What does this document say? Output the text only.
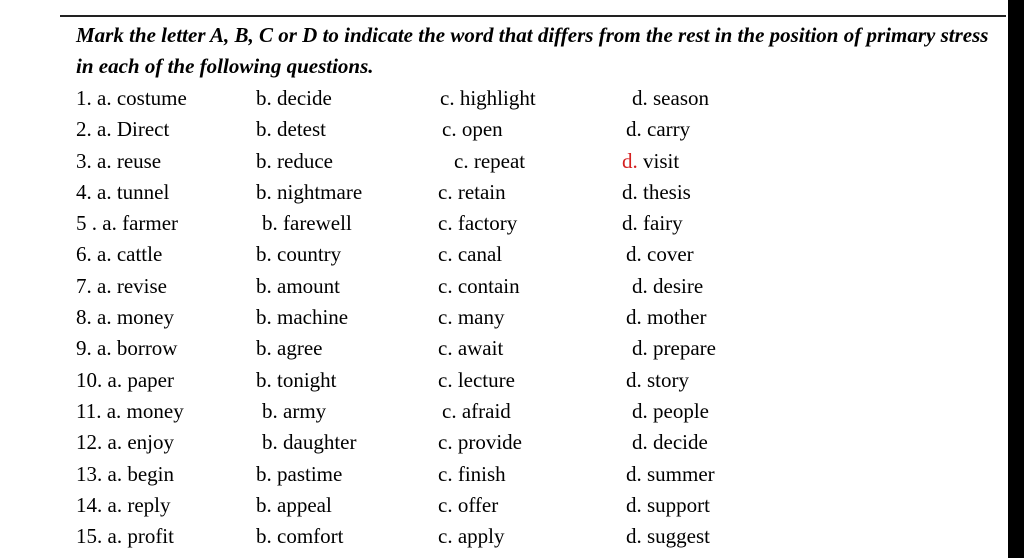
Mark the letter A, B, C or D to indicate the word that differs from the rest in the position of primary stress in each of the following questions.

1. a. costume	b. decide	c. highlight	d. season
2. a. Direct	b. detest	c. open	d. carry
3. a. reuse	b. reduce	c. repeat	d. visit
4. a. tunnel	b. nightmare	c. retain	d. thesis
5 . a. farmer	b. farewell	c. factory	d. fairy
6. a. cattle	b. country	c. canal	d. cover
7. a. revise	b. amount	c. contain	d. desire
8. a. money	b. machine	c. many	d. mother
9. a. borrow	b. agree	c. await	d. prepare
10. a. paper	b. tonight	c. lecture	d. story
11. a. money	b. army	c. afraid	d. people
12. a. enjoy	b. daughter	c. provide	d. decide
13. a. begin	b. pastime	c. finish	d. summer
14. a. reply	b. appeal	c. offer	d. support
15. a. profit	b. comfort	c. apply	d. suggest
